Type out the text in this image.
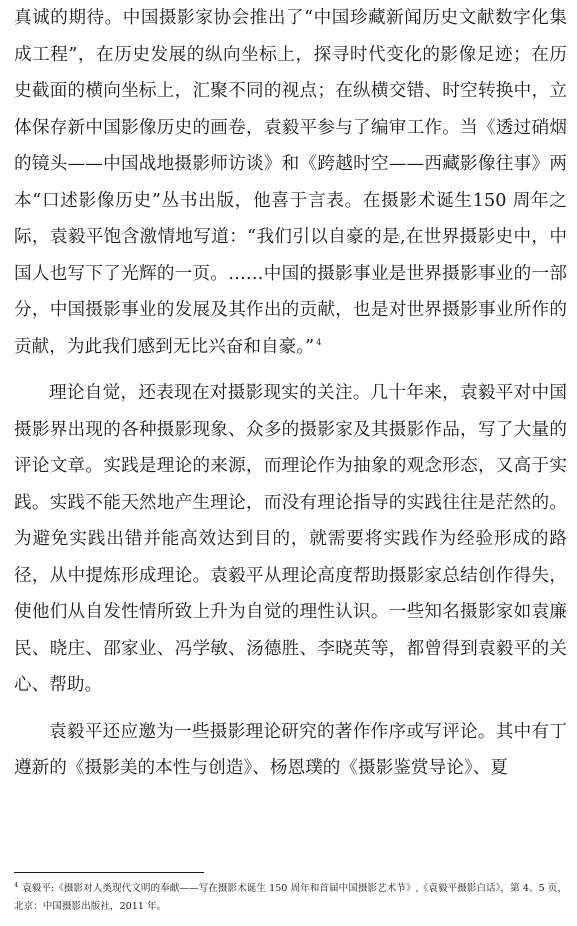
真诚的期待。中国摄影家协会推出了“中国珍藏新闻历史文献数字化集成工程”，在历史发展的纵向坐标上，探寻时代变化的影像足迹；在历史截面的横向坐标上，汇聚不同的视点；在纵横交错、时空转换中，立体保存新中国影像历史的画卷，袁毅平参与了编审工作。当《透过硝烟的镜头——中国战地摄影师访谈》和《跨越时空——西藏影像往事》两本“口述影像历史”丛书出版，他喜于言表。在摄影术诞生150 周年之际，袁毅平饱含激情地写道：“我们引以自豪的是,在世界摄影史中，中国人也写下了光辉的一页。……中国的摄影事业是世界摄影事业的一部分，中国摄影事业的发展及其作出的贡献，也是对世界摄影事业所作的贡献，为此我们感到无比兴奋和自豪。” $^4$

理论自觉，还表现在对摄影现实的关注。几十年来，袁毅平对中国摄影界出现的各种摄影现象、众多的摄影家及其摄影作品，写了大量的评论文章。实践是理论的来源，而理论作为抽象的观念形态，又高于实践。实践不能天然地产生理论，而没有理论指导的实践往往是茫然的。为避免实践出错并能高效达到目的，就需要将实践作为经验形成的路径，从中提炼形成理论。袁毅平从理论高度帮助摄影家总结创作得失，使他们从自发性情所致上升为自觉的理性认识。一些知名摄影家如袁廉民、晓庄、邵家业、冯学敏、汤德胜、李晓英等，都曾得到袁毅平的关心、帮助。

袁毅平还应邀为一些摄影理论研究的著作作序或写评论。其中有丁遵新的《摄影美的本性与创造》、杨恩璞的《摄影鉴赏导论》、夏

$^4$ 袁毅平:《摄影对人类现代文明的奉献——写在摄影术诞生 150 周年和首届中国摄影艺术节》,《袁毅平摄影白话》，第 4、5 页，北京：中国摄影出版社，2011 年。
